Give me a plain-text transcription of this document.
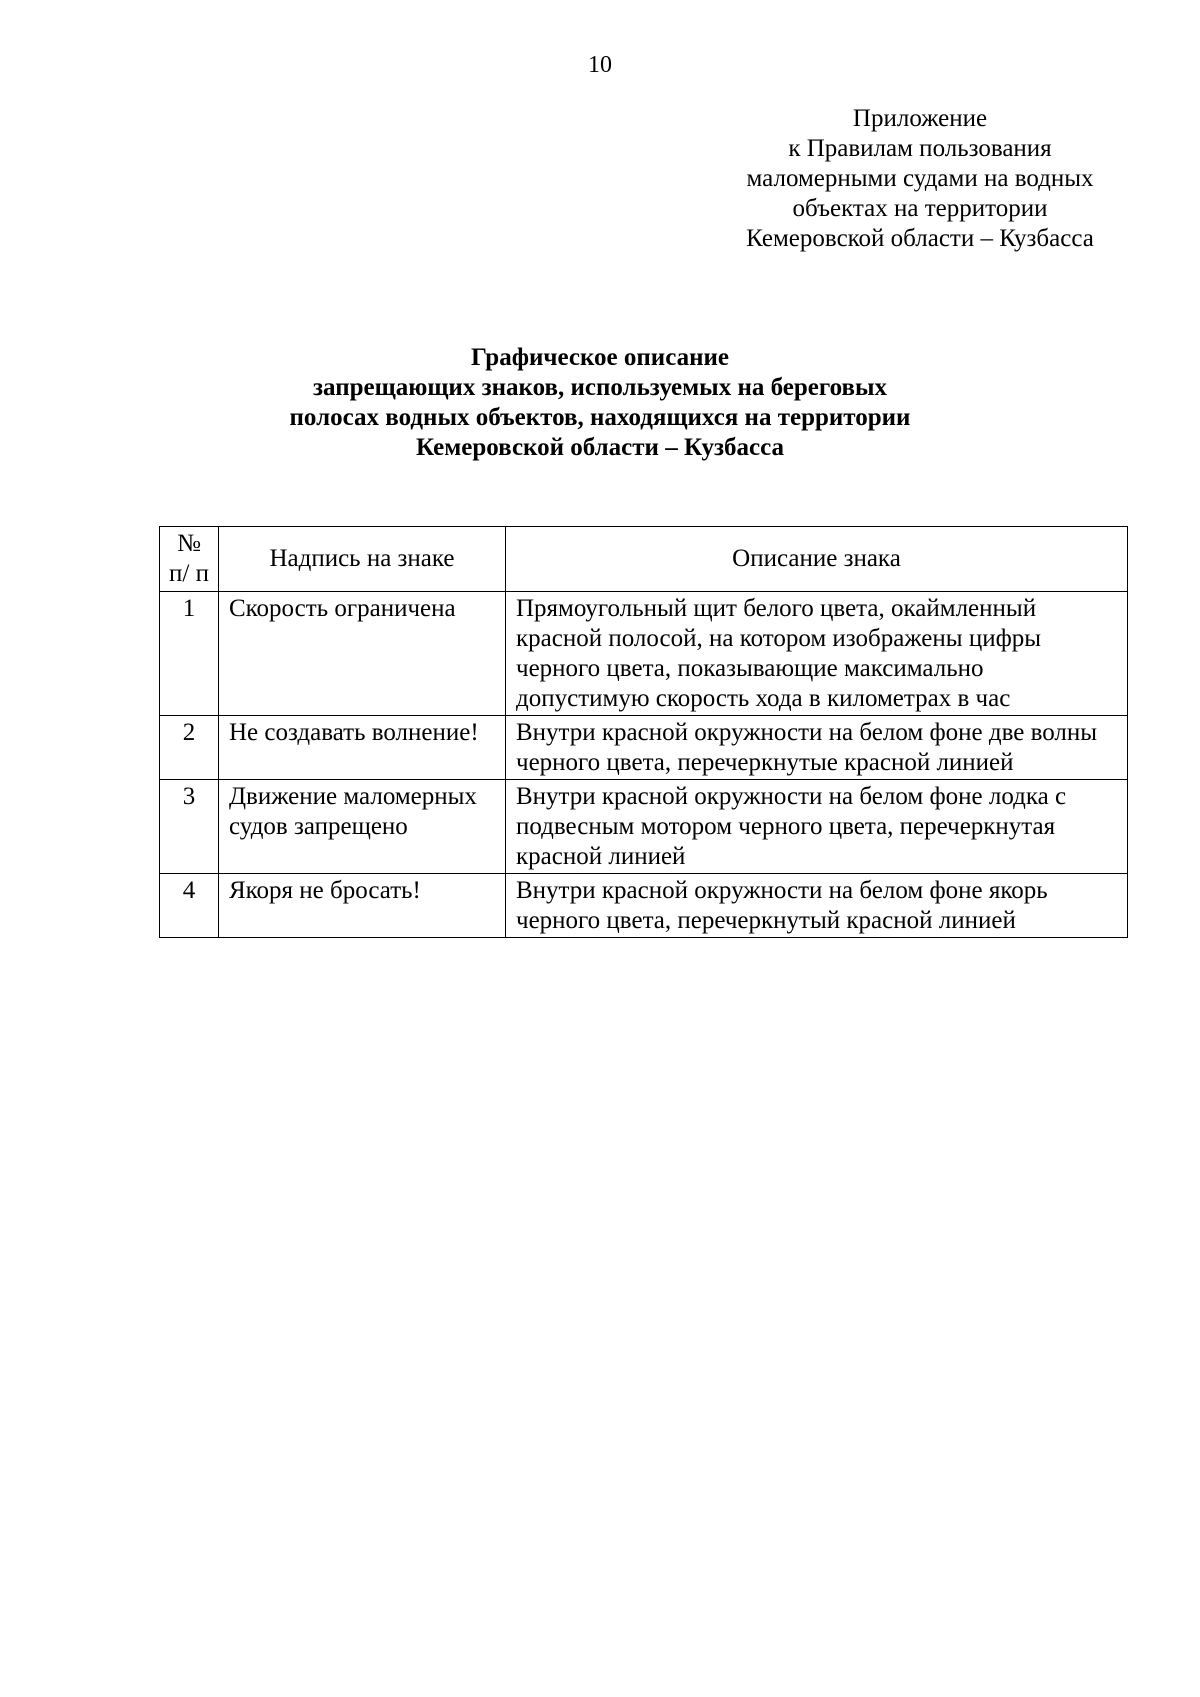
10
Приложение
к Правилам пользования
маломерными судами на водных
объектах на территории
Кемеровской области – Кузбасса
Графическое описание
запрещающих знаков, используемых на береговых
полосах водных объектов, находящихся на территории
Кемеровской области – Кузбасса
№ п/ п	Надпись на знаке	Описание знака
1	Скорость ограничена	Прямоугольный щит белого цвета, окаймленный красной полосой, на котором изображены цифры черного цвета, показывающие максимально допустимую скорость хода в километрах в час
2	Не создавать волнение!	Внутри красной окружности на белом фоне две волны черного цвета, перечеркнутые красной линией
3	Движение маломерных судов запрещено	Внутри красной окружности на белом фоне лодка с подвесным мотором черного цвета, перечеркнутая красной линией
4	Якоря не бросать!	Внутри красной окружности на белом фоне якорь черного цвета, перечеркнутый красной линией
